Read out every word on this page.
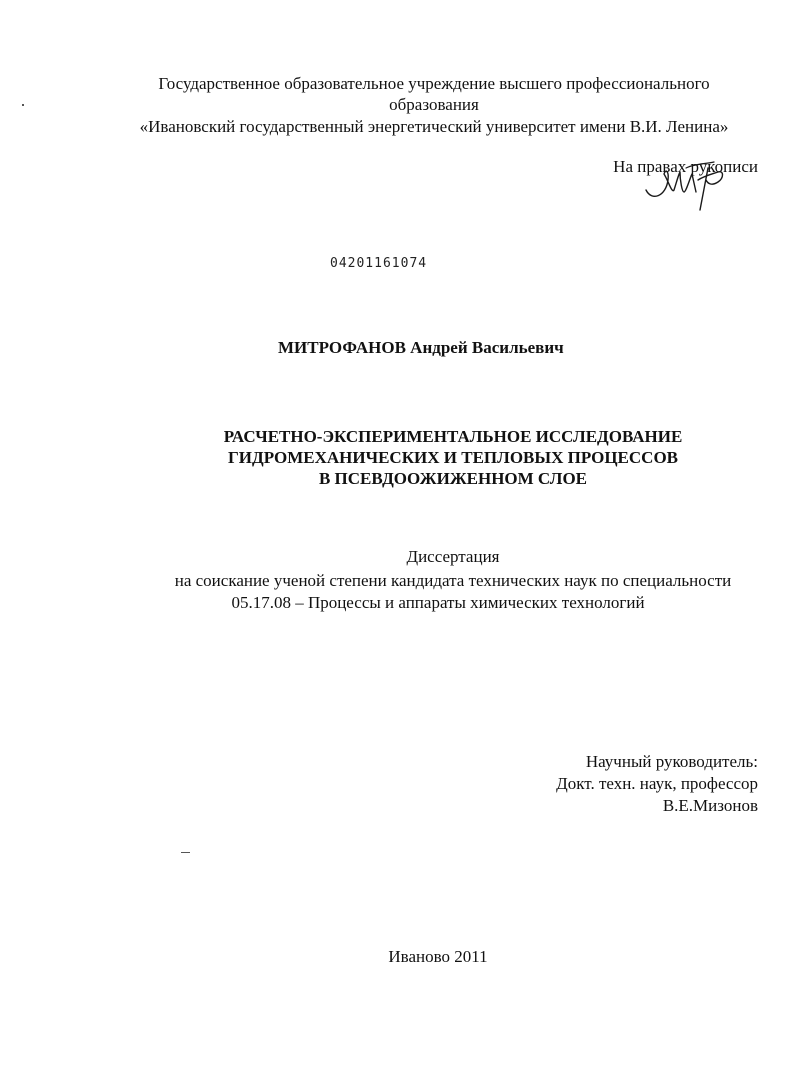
Государственное образовательное учреждение высшего профессионального
образования
«Ивановский государственный энергетический университет имени В.И. Ленина»
На правах рукописи
04201161074
МИТРОФАНОВ Андрей Васильевич
РАСЧЕТНО-ЭКСПЕРИМЕНТАЛЬНОЕ ИССЛЕДОВАНИЕ
ГИДРОМЕХАНИЧЕСКИХ И ТЕПЛОВЫХ ПРОЦЕССОВ
В ПСЕВДООЖИЖЕННОМ СЛОЕ
Диссертация
на соискание ученой степени кандидата технических наук по специальности
05.17.08 – Процессы и аппараты химических технологий
Научный руководитель:
Докт. техн. наук, профессор
В.Е.Мизонов
Иваново 2011
